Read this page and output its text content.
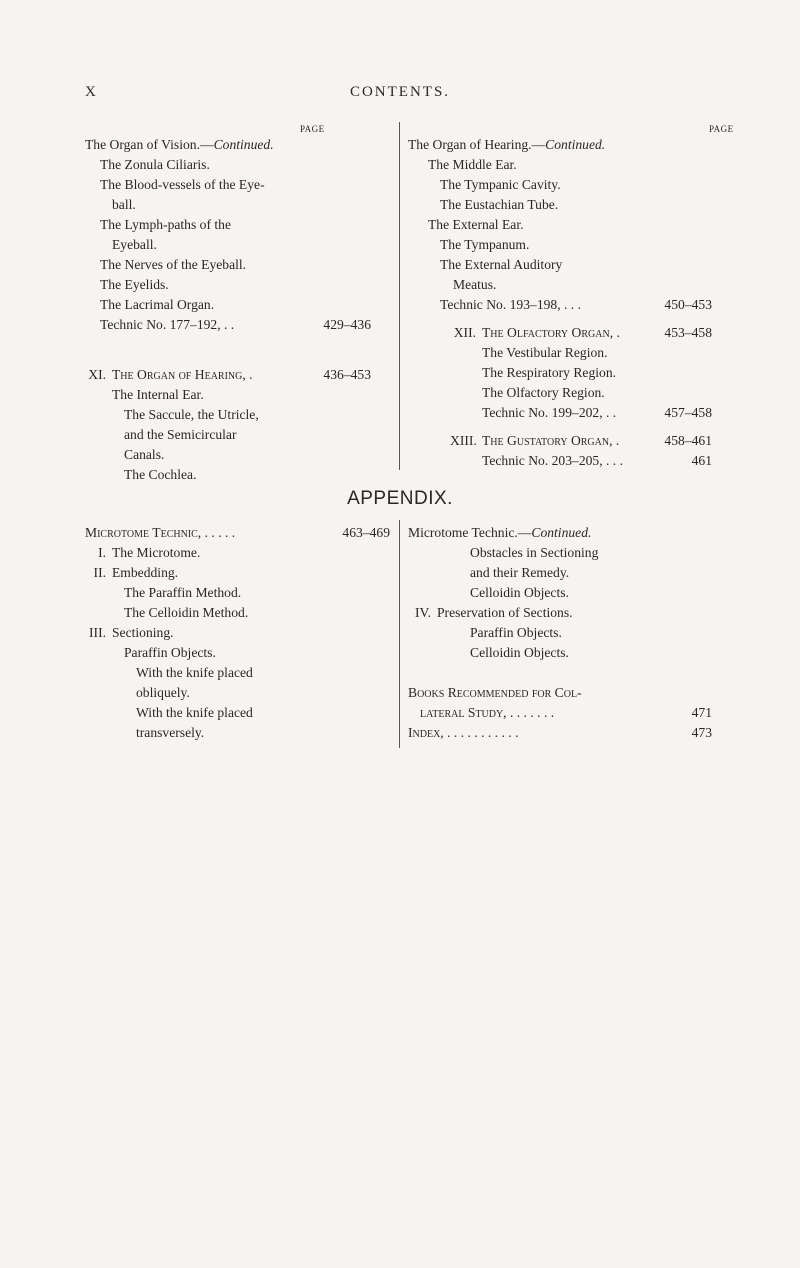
X	CONTENTS.
PAGE	PAGE
The Organ of Vision.—Continued.
The Zonula Ciliaris.
The Blood-vessels of the Eye-
ball.
The Lymph-paths of the
Eyeball.
The Nerves of the Eyeball.
The Eyelids.
The Lacrimal Organ.
Technic No. 177–192, . .	429–436
XI. The Organ of Hearing, .	436–453
The Internal Ear.
The Saccule, the Utricle,
and the Semicircular
Canals.
The Cochlea.
The Organ of Hearing.—Continued.
The Middle Ear.
The Tympanic Cavity.
The Eustachian Tube.
The External Ear.
The Tympanum.
The External Auditory
Meatus.
Technic No. 193–198, . . .	450–453
XII. The Olfactory Organ, .	453–458
The Vestibular Region.
The Respiratory Region.
The Olfactory Region.
Technic No. 199–202, . .	457–458
XIII. The Gustatory Organ, .	458–461
Technic No. 203–205, . . .	461
APPENDIX.
Microtome Technic, . . . . .	463–469
I. The Microtome.
II. Embedding.
The Paraffin Method.
The Celloidin Method.
III. Sectioning.
Paraffin Objects.
With the knife placed
obliquely.
With the knife placed
transversely.
Microtome Technic.—Continued.
Obstacles in Sectioning
and their Remedy.
Celloidin Objects.
IV. Preservation of Sections.
Paraffin Objects.
Celloidin Objects.
Books Recommended for Col-
lateral Study, . . . . . . .	471
Index, . . . . . . . . . . .	473
